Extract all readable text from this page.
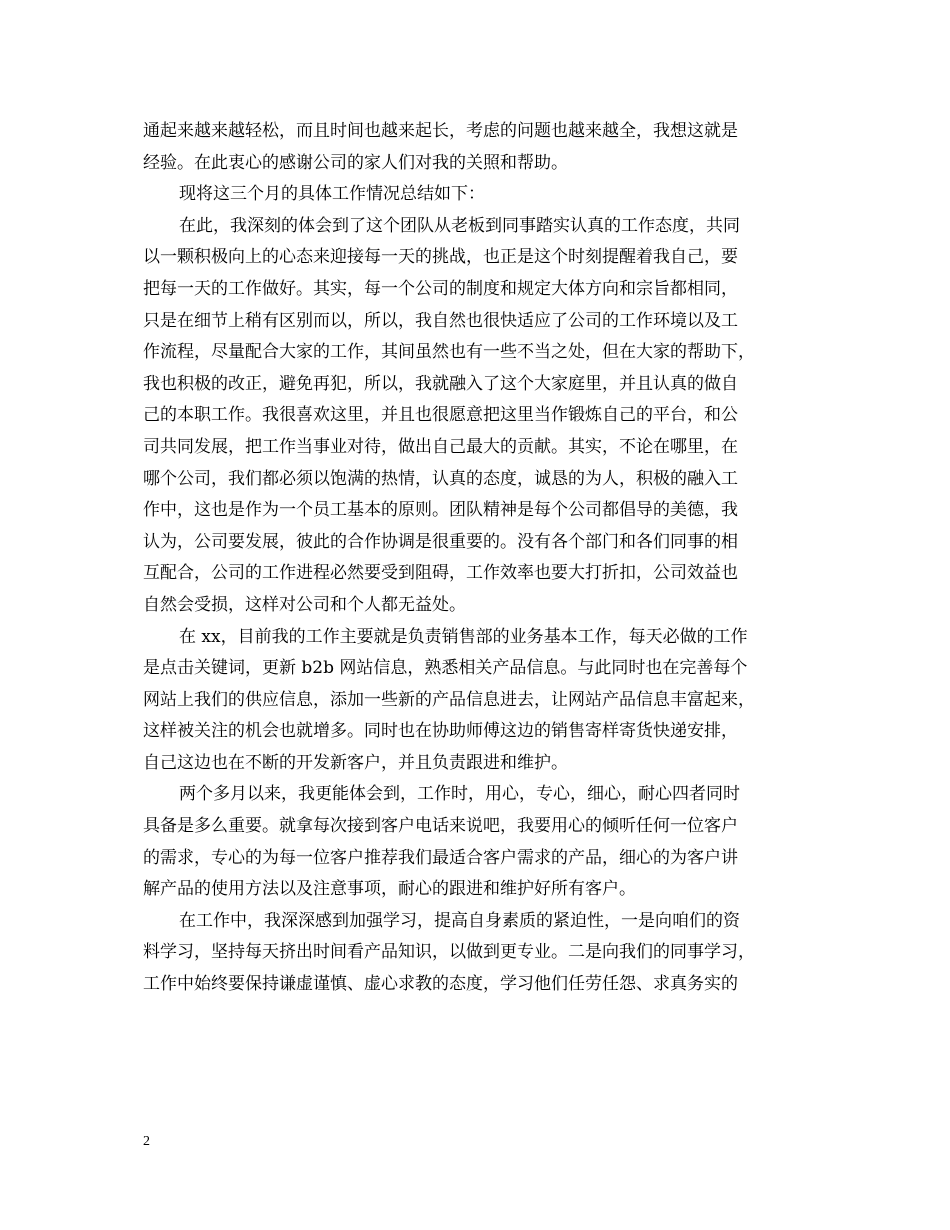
通起来越来越轻松，而且时间也越来起长，考虑的问题也越来越全，我想这就是
经验。在此衷心的感谢公司的家人们对我的关照和帮助。
现将这三个月的具体工作情况总结如下：
在此，我深刻的体会到了这个团队从老板到同事踏实认真的工作态度，共同
以一颗积极向上的心态来迎接每一天的挑战，也正是这个时刻提醒着我自己，要
把每一天的工作做好。其实，每一个公司的制度和规定大体方向和宗旨都相同，
只是在细节上稍有区别而以，所以，我自然也很快适应了公司的工作环境以及工
作流程，尽量配合大家的工作，其间虽然也有一些不当之处，但在大家的帮助下，
我也积极的改正，避免再犯，所以，我就融入了这个大家庭里，并且认真的做自
己的本职工作。我很喜欢这里，并且也很愿意把这里当作锻炼自己的平台，和公
司共同发展，把工作当事业对待，做出自己最大的贡献。其实，不论在哪里，在
哪个公司，我们都必须以饱满的热情，认真的态度，诚恳的为人，积极的融入工
作中，这也是作为一个员工基本的原则。团队精神是每个公司都倡导的美德，我
认为，公司要发展，彼此的合作协调是很重要的。没有各个部门和各们同事的相
互配合，公司的工作进程必然要受到阻碍，工作效率也要大打折扣，公司效益也
自然会受损，这样对公司和个人都无益处。
在 xx，目前我的工作主要就是负责销售部的业务基本工作，每天必做的工作
是点击关键词，更新 b2b 网站信息，熟悉相关产品信息。与此同时也在完善每个
网站上我们的供应信息，添加一些新的产品信息进去，让网站产品信息丰富起来，
这样被关注的机会也就增多。同时也在协助师傅这边的销售寄样寄货快递安排，
自己这边也在不断的开发新客户，并且负责跟进和维护。
两个多月以来，我更能体会到，工作时，用心，专心，细心，耐心四者同时
具备是多么重要。就拿每次接到客户电话来说吧，我要用心的倾听任何一位客户
的需求，专心的为每一位客户推荐我们最适合客户需求的产品，细心的为客户讲
解产品的使用方法以及注意事项，耐心的跟进和维护好所有客户。
在工作中，我深深感到加强学习，提高自身素质的紧迫性，一是向咱们的资
料学习，坚持每天挤出时间看产品知识，以做到更专业。二是向我们的同事学习，
工作中始终要保持谦虚谨慎、虚心求教的态度，学习他们任劳任怨、求真务实的
2
